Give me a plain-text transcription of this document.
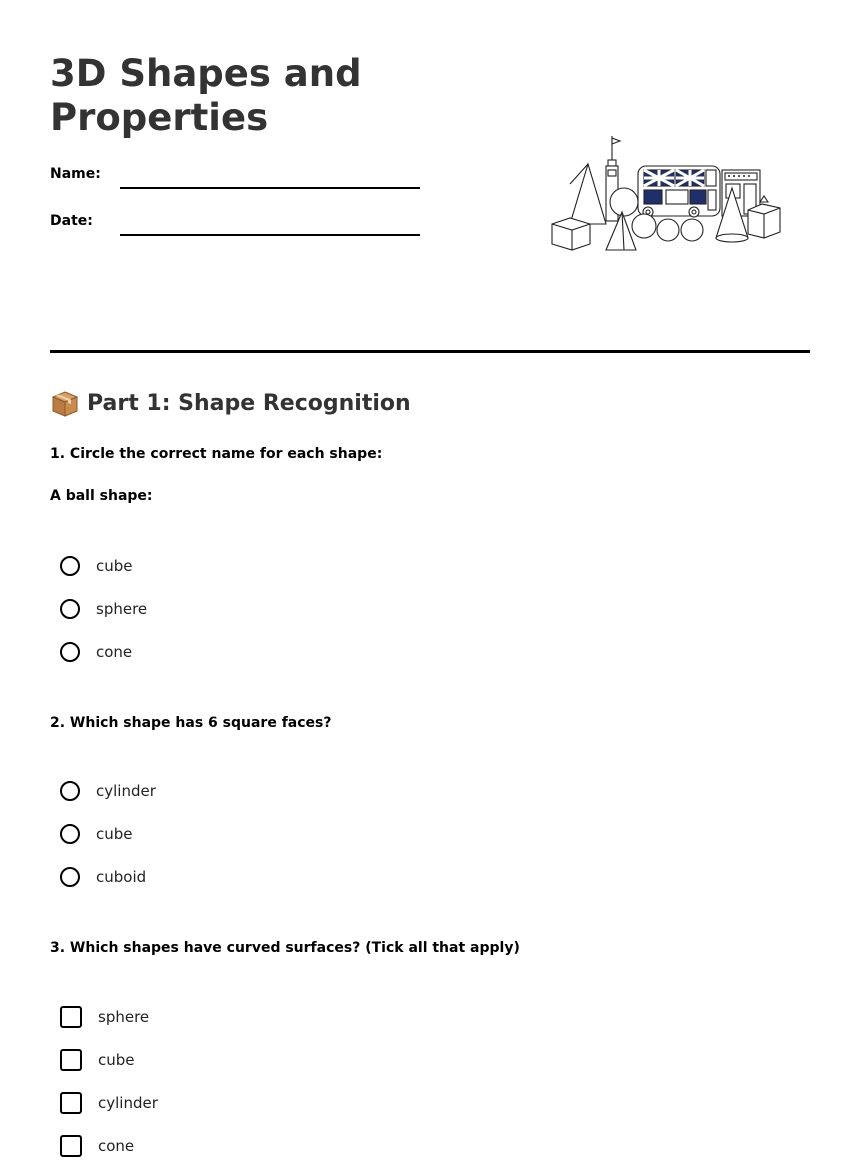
3D Shapes and Properties
Name:
Date:
Part 1: Shape Recognition
1. Circle the correct name for each shape:
A ball shape:
cube
sphere
cone
2. Which shape has 6 square faces?
cylinder
cube
cuboid
3. Which shapes have curved surfaces? (Tick all that apply)
sphere
cube
cylinder
cone
